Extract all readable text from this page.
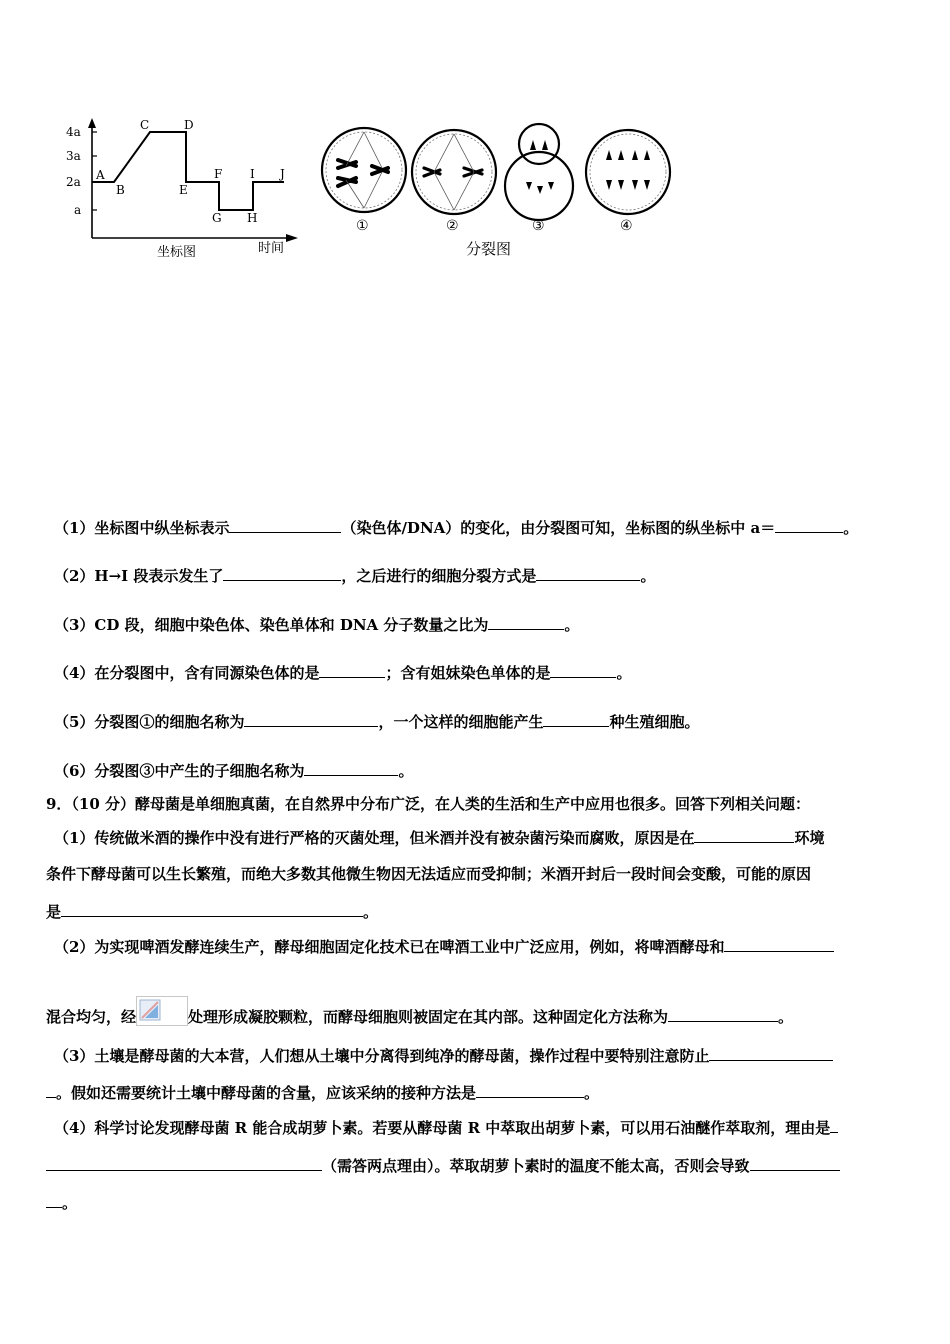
4a
3a
2a
a
A
B
C	D
E
F
G H
I J
坐标图	时间
①	②	③	④
分裂图
（1）坐标图中纵坐标表示	（染色体/DNA）的变化，由分裂图可知，坐标图的纵坐标中 a＝	。
（2）H→I 段表示发生了	，之后进行的细胞分裂方式是	。
（3）CD 段，细胞中染色体、染色单体和 DNA 分子数量之比为	。
（4）在分裂图中，含有同源染色体的是	；含有姐妹染色单体的是	。
（5）分裂图①的细胞名称为	，一个这样的细胞能产生	种生殖细胞。
（6）分裂图③中产生的子细胞名称为	。
9．（10 分）酵母菌是单细胞真菌，在自然界中分布广泛，在人类的生活和生产中应用也很多。回答下列相关问题：
（1）传统做米酒的操作中没有进行严格的灭菌处理，但米酒并没有被杂菌污染而腐败，原因是在	环境
条件下酵母菌可以生长繁殖，而绝大多数其他微生物因无法适应而受抑制；米酒开封后一段时间会变酸，可能的原因
是	。
（2）为实现啤酒发酵连续生产，酵母细胞固定化技术已在啤酒工业中广泛应用，例如，将啤酒酵母和
混合均匀，经	处理形成凝胶颗粒，而酵母细胞则被固定在其内部。这种固定化方法称为	。
（3）土壤是酵母菌的大本营，人们想从土壤中分离得到纯净的酵母菌，操作过程中要特别注意防止
。假如还需要统计土壤中酵母菌的含量，应该采纳的接种方法是	。
（4）科学讨论发现酵母菌 R 能合成胡萝卜素。若要从酵母菌 R 中萃取出胡萝卜素，可以用石油醚作萃取剂，理由是
（需答两点理由）。萃取胡萝卜素时的温度不能太高，否则会导致
。
